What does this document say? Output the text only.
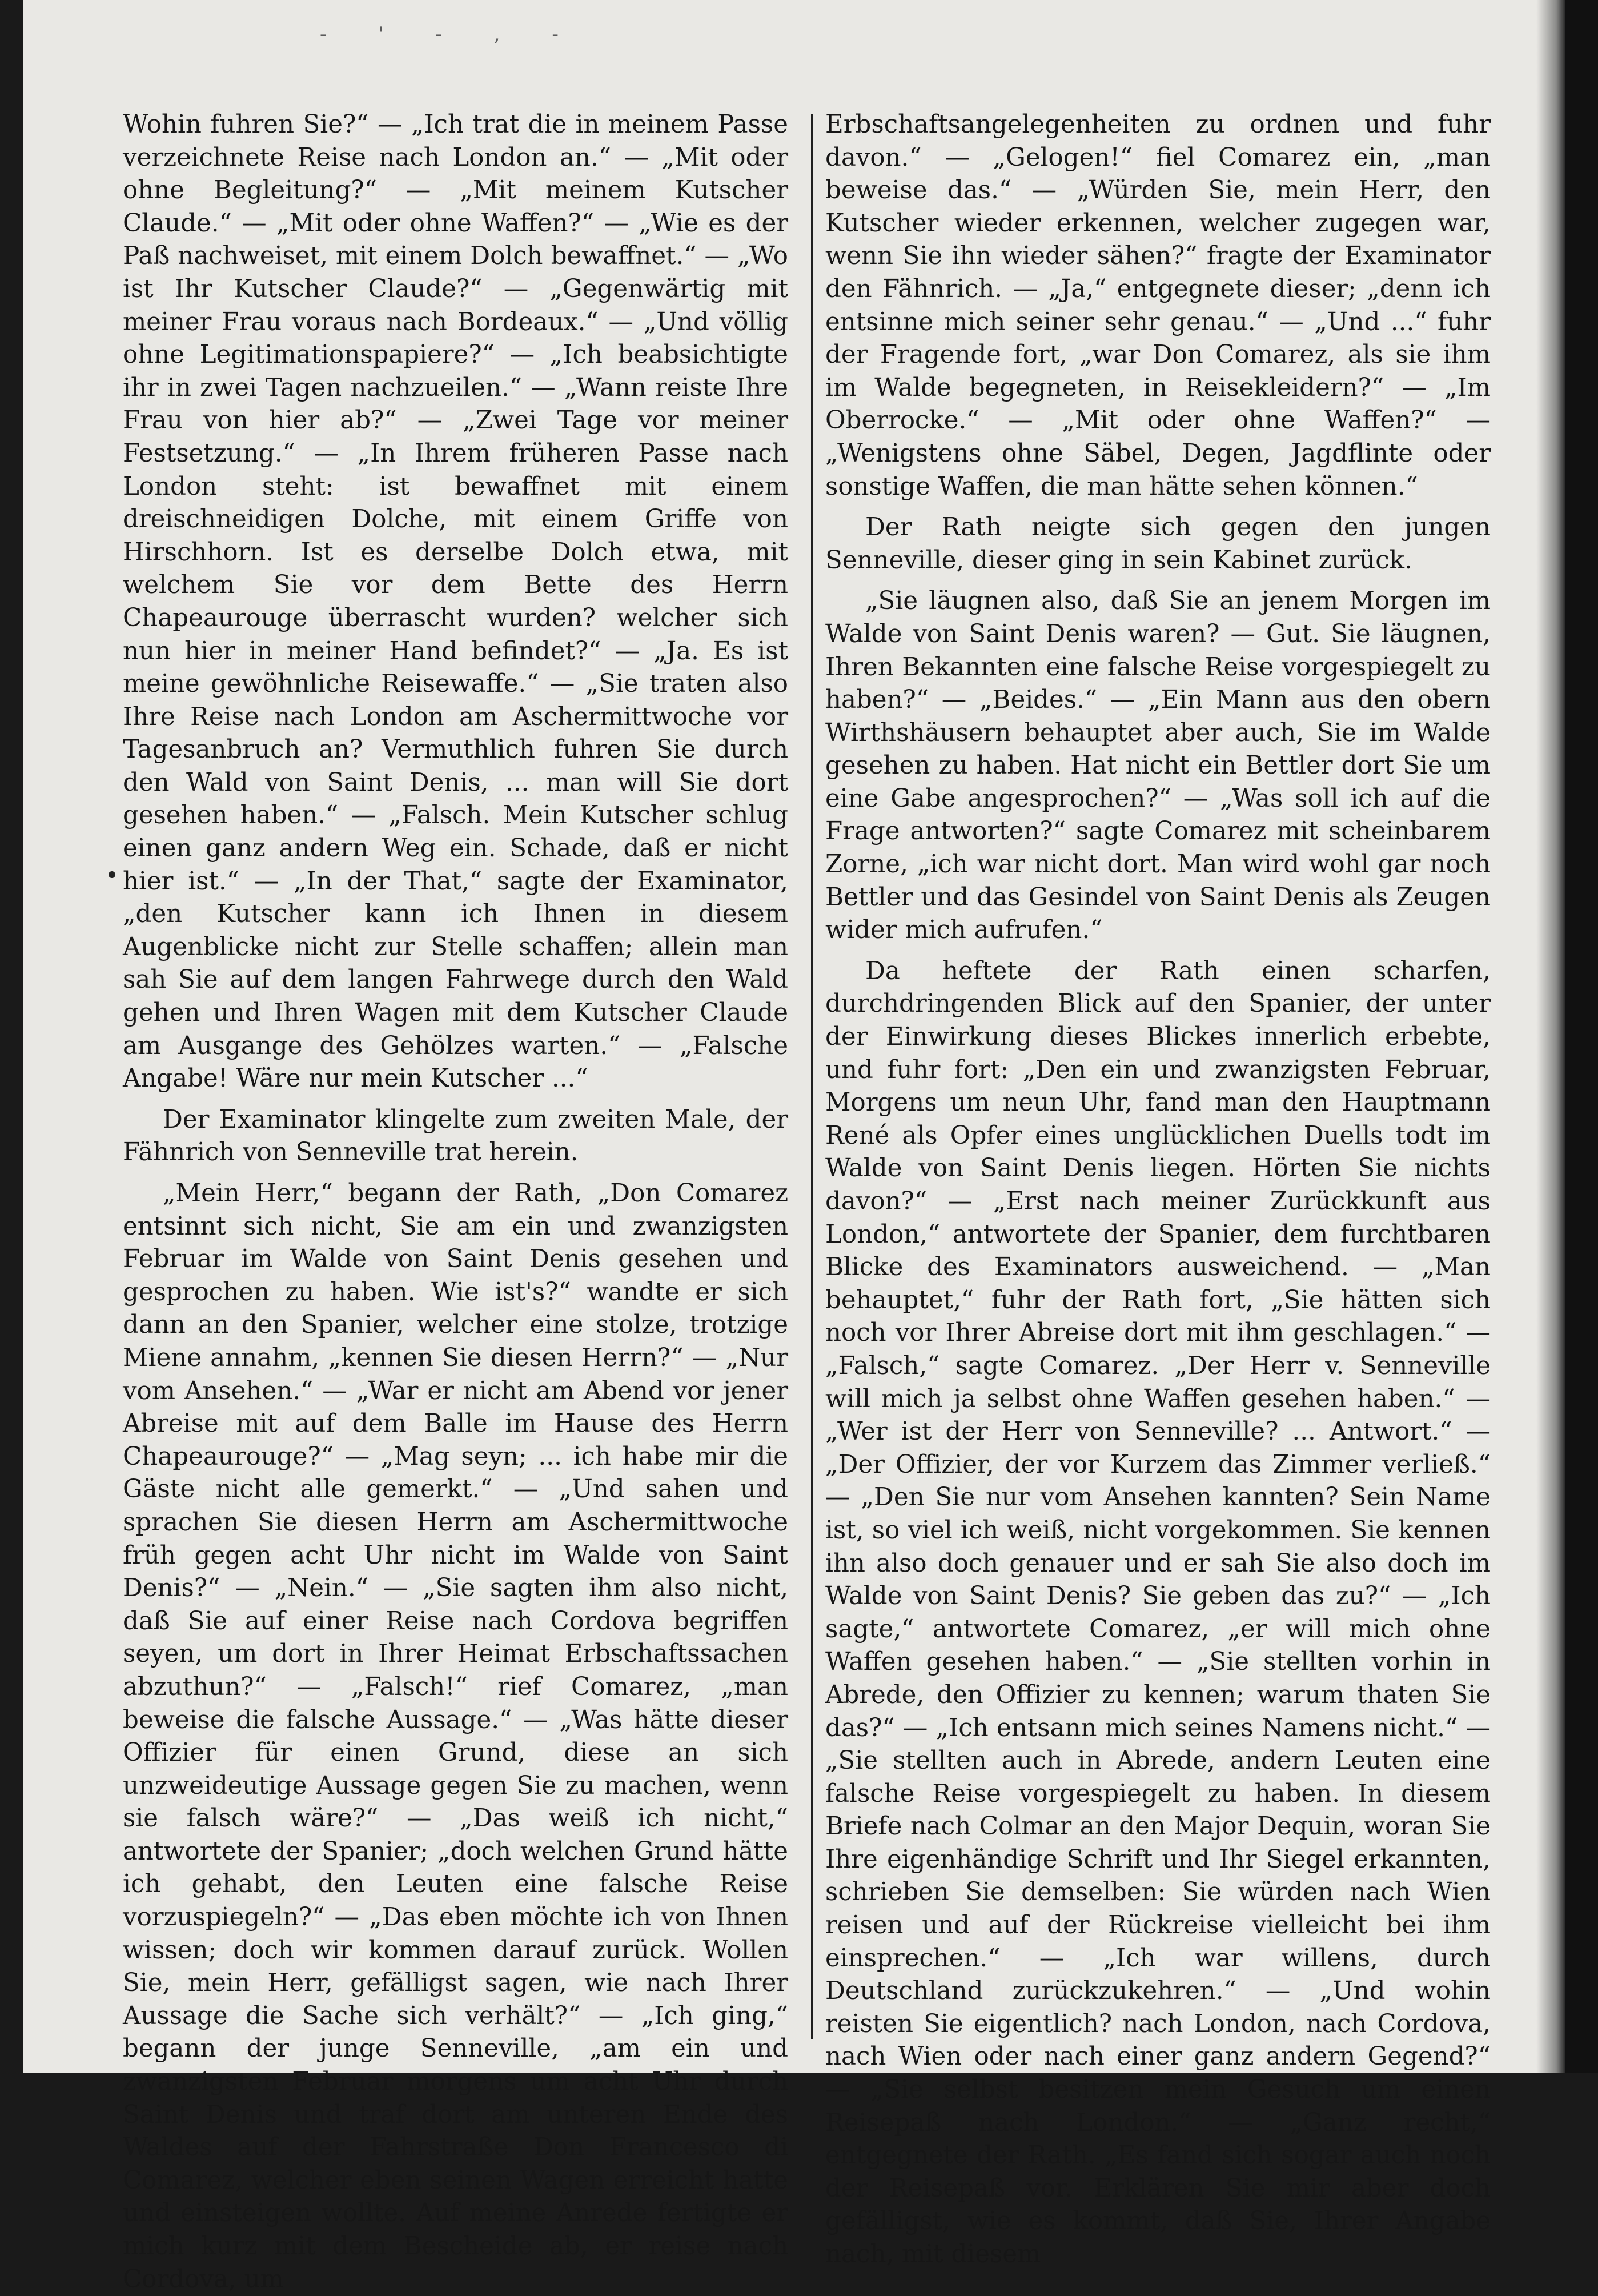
- ' - , -

Wohin fuhren Sie?“ — „Ich trat die in meinem Passe verzeichnete Reise nach London an.“ — „Mit oder ohne Begleitung?“ — „Mit meinem Kutscher Claude.“ — „Mit oder ohne Waffen?“ — „Wie es der Paß nachweiset, mit einem Dolch bewaffnet.“ — „Wo ist Ihr Kutscher Claude?“ — „Gegenwärtig mit meiner Frau voraus nach Bordeaux.“ — „Und völlig ohne Legitimationspapiere?“ — „Ich beabsichtigte ihr in zwei Tagen nachzueilen.“ — „Wann reiste Ihre Frau von hier ab?“ — „Zwei Tage vor meiner Festsetzung.“ — „In Ihrem früheren Passe nach London steht: ist bewaffnet mit einem dreischneidigen Dolche, mit einem Griffe von Hirschhorn. Ist es derselbe Dolch etwa, mit welchem Sie vor dem Bette des Herrn Chapeaurouge überrascht wurden? welcher sich nun hier in meiner Hand befindet?“ — „Ja. Es ist meine gewöhnliche Reisewaffe.“ — „Sie traten also Ihre Reise nach London am Aschermittwoche vor Tagesanbruch an? Vermuthlich fuhren Sie durch den Wald von Saint Denis, ... man will Sie dort gesehen haben.“ — „Falsch. Mein Kutscher schlug einen ganz andern Weg ein. Schade, daß er nicht hier ist.“ — „In der That,“ sagte der Examinator, „den Kutscher kann ich Ihnen in diesem Augenblicke nicht zur Stelle schaffen; allein man sah Sie auf dem langen Fahrwege durch den Wald gehen und Ihren Wagen mit dem Kutscher Claude am Ausgange des Gehölzes warten.“ — „Falsche Angabe! Wäre nur mein Kutscher ...“

Der Examinator klingelte zum zweiten Male, der Fähnrich von Senneville trat herein.

„Mein Herr,“ begann der Rath, „Don Comarez entsinnt sich nicht, Sie am ein und zwanzigsten Februar im Walde von Saint Denis gesehen und gesprochen zu haben. Wie ist's?“ wandte er sich dann an den Spanier, welcher eine stolze, trotzige Miene annahm, „kennen Sie diesen Herrn?“ — „Nur vom Ansehen.“ — „War er nicht am Abend vor jener Abreise mit auf dem Balle im Hause des Herrn Chapeaurouge?“ — „Mag seyn; ... ich habe mir die Gäste nicht alle gemerkt.“ — „Und sahen und sprachen Sie diesen Herrn am Aschermittwoche früh gegen acht Uhr nicht im Walde von Saint Denis?“ — „Nein.“ — „Sie sagten ihm also nicht, daß Sie auf einer Reise nach Cordova begriffen seyen, um dort in Ihrer Heimat Erbschaftssachen abzuthun?“ — „Falsch!“ rief Comarez, „man beweise die falsche Aussage.“ — „Was hätte dieser Offizier für einen Grund, diese an sich unzweideutige Aussage gegen Sie zu machen, wenn sie falsch wäre?“ — „Das weiß ich nicht,“ antwortete der Spanier; „doch welchen Grund hätte ich gehabt, den Leuten eine falsche Reise vorzuspiegeln?“ — „Das eben möchte ich von Ihnen wissen; doch wir kommen darauf zurück. Wollen Sie, mein Herr, gefälligst sagen, wie nach Ihrer Aussage die Sache sich verhält?“ — „Ich ging,“ begann der junge Senneville, „am ein und zwanzigsten Februar morgens um acht Uhr durch Saint Denis und traf dort am unteren Ende des Waldes auf der Fahrstraße Don Francesco di Comarez, welcher eben seinen Wagen erreicht hatte und einsteigen wollte. Auf meine Anrede fertigte er mich kurz mit dem Bescheide ab, er reise nach Cordova, um

Erbschaftsangelegenheiten zu ordnen und fuhr davon.“ — „Gelogen!“ fiel Comarez ein, „man beweise das.“ — „Würden Sie, mein Herr, den Kutscher wieder erkennen, welcher zugegen war, wenn Sie ihn wieder sähen?“ fragte der Examinator den Fähnrich. — „Ja,“ entgegnete dieser; „denn ich entsinne mich seiner sehr genau.“ — „Und ...“ fuhr der Fragende fort, „war Don Comarez, als sie ihm im Walde begegneten, in Reisekleidern?“ — „Im Oberrocke.“ — „Mit oder ohne Waffen?“ — „Wenigstens ohne Säbel, Degen, Jagdflinte oder sonstige Waffen, die man hätte sehen können.“

Der Rath neigte sich gegen den jungen Senneville, dieser ging in sein Kabinet zurück.

„Sie läugnen also, daß Sie an jenem Morgen im Walde von Saint Denis waren? — Gut. Sie läugnen, Ihren Bekannten eine falsche Reise vorgespiegelt zu haben?“ — „Beides.“ — „Ein Mann aus den obern Wirthshäusern behauptet aber auch, Sie im Walde gesehen zu haben. Hat nicht ein Bettler dort Sie um eine Gabe angesprochen?“ — „Was soll ich auf die Frage antworten?“ sagte Comarez mit scheinbarem Zorne, „ich war nicht dort. Man wird wohl gar noch Bettler und das Gesindel von Saint Denis als Zeugen wider mich aufrufen.“

Da heftete der Rath einen scharfen, durchdringenden Blick auf den Spanier, der unter der Einwirkung dieses Blickes innerlich erbebte, und fuhr fort: „Den ein und zwanzigsten Februar, Morgens um neun Uhr, fand man den Hauptmann René als Opfer eines unglücklichen Duells todt im Walde von Saint Denis liegen. Hörten Sie nichts davon?“ — „Erst nach meiner Zurückkunft aus London,“ antwortete der Spanier, dem furchtbaren Blicke des Examinators ausweichend. — „Man behauptet,“ fuhr der Rath fort, „Sie hätten sich noch vor Ihrer Abreise dort mit ihm geschlagen.“ — „Falsch,“ sagte Comarez. „Der Herr v. Senneville will mich ja selbst ohne Waffen gesehen haben.“ — „Wer ist der Herr von Senneville? ... Antwort.“ — „Der Offizier, der vor Kurzem das Zimmer verließ.“ — „Den Sie nur vom Ansehen kannten? Sein Name ist, so viel ich weiß, nicht vorgekommen. Sie kennen ihn also doch genauer und er sah Sie also doch im Walde von Saint Denis? Sie geben das zu?“ — „Ich sagte,“ antwortete Comarez, „er will mich ohne Waffen gesehen haben.“ — „Sie stellten vorhin in Abrede, den Offizier zu kennen; warum thaten Sie das?“ — „Ich entsann mich seines Namens nicht.“ — „Sie stellten auch in Abrede, andern Leuten eine falsche Reise vorgespiegelt zu haben. In diesem Briefe nach Colmar an den Major Dequin, woran Sie Ihre eigenhändige Schrift und Ihr Siegel erkannten, schrieben Sie demselben: Sie würden nach Wien reisen und auf der Rückreise vielleicht bei ihm einsprechen.“ — „Ich war willens, durch Deutschland zurückzukehren.“ — „Und wohin reisten Sie eigentlich? nach London, nach Cordova, nach Wien oder nach einer ganz andern Gegend?“ — „Sie selbst besitzen mein Gesuch um einen Reisepaß nach London.“ — „Ganz recht,“ entgegnete der Rath. „Es fand sich sogar auch noch der Reisepaß vor. Erklären Sie mir aber doch gefälligst, wie es kommt, daß Sie, Ihrer Angabe nach, mit diesem
